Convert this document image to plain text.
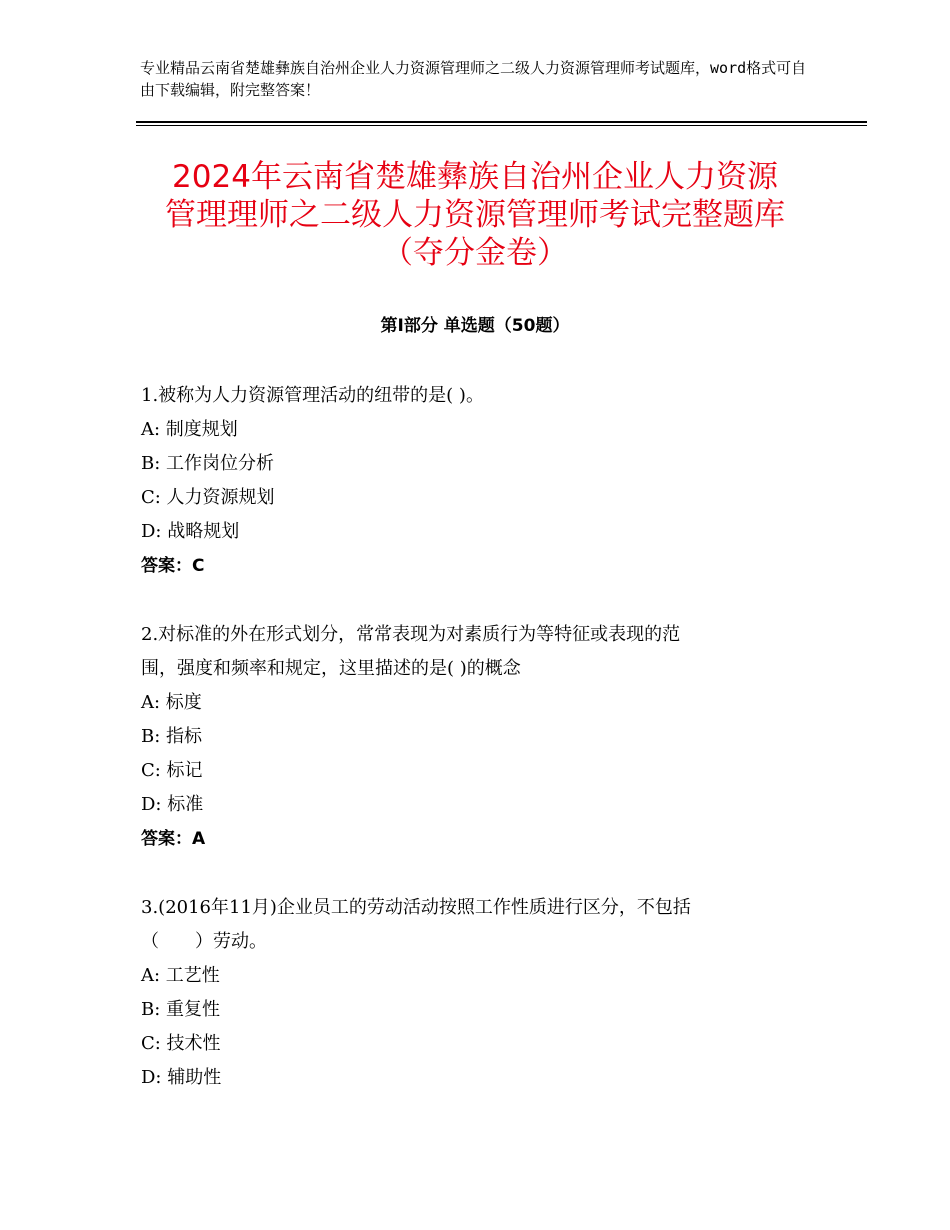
专业精品云南省楚雄彝族自治州企业人力资源管理师之二级人力资源管理师考试题库，word格式可自由下载编辑，附完整答案！
2024年云南省楚雄彝族自治州企业人力资源
管理理师之二级人力资源管理师考试完整题库
（夺分金卷）
第Ⅰ部分 单选题（50题）
1.被称为人力资源管理活动的纽带的是( )。
A: 制度规划
B: 工作岗位分析
C: 人力资源规划
D: 战略规划
答案：C
2.对标准的外在形式划分，常常表现为对素质行为等特征或表现的范
围，强度和频率和规定，这里描述的是( )的概念
A: 标度
B: 指标
C: 标记
D: 标准
答案：A
3.(2016年11月)企业员工的劳动活动按照工作性质进行区分，不包括
（　　）劳动。
A: 工艺性
B: 重复性
C: 技术性
D: 辅助性
